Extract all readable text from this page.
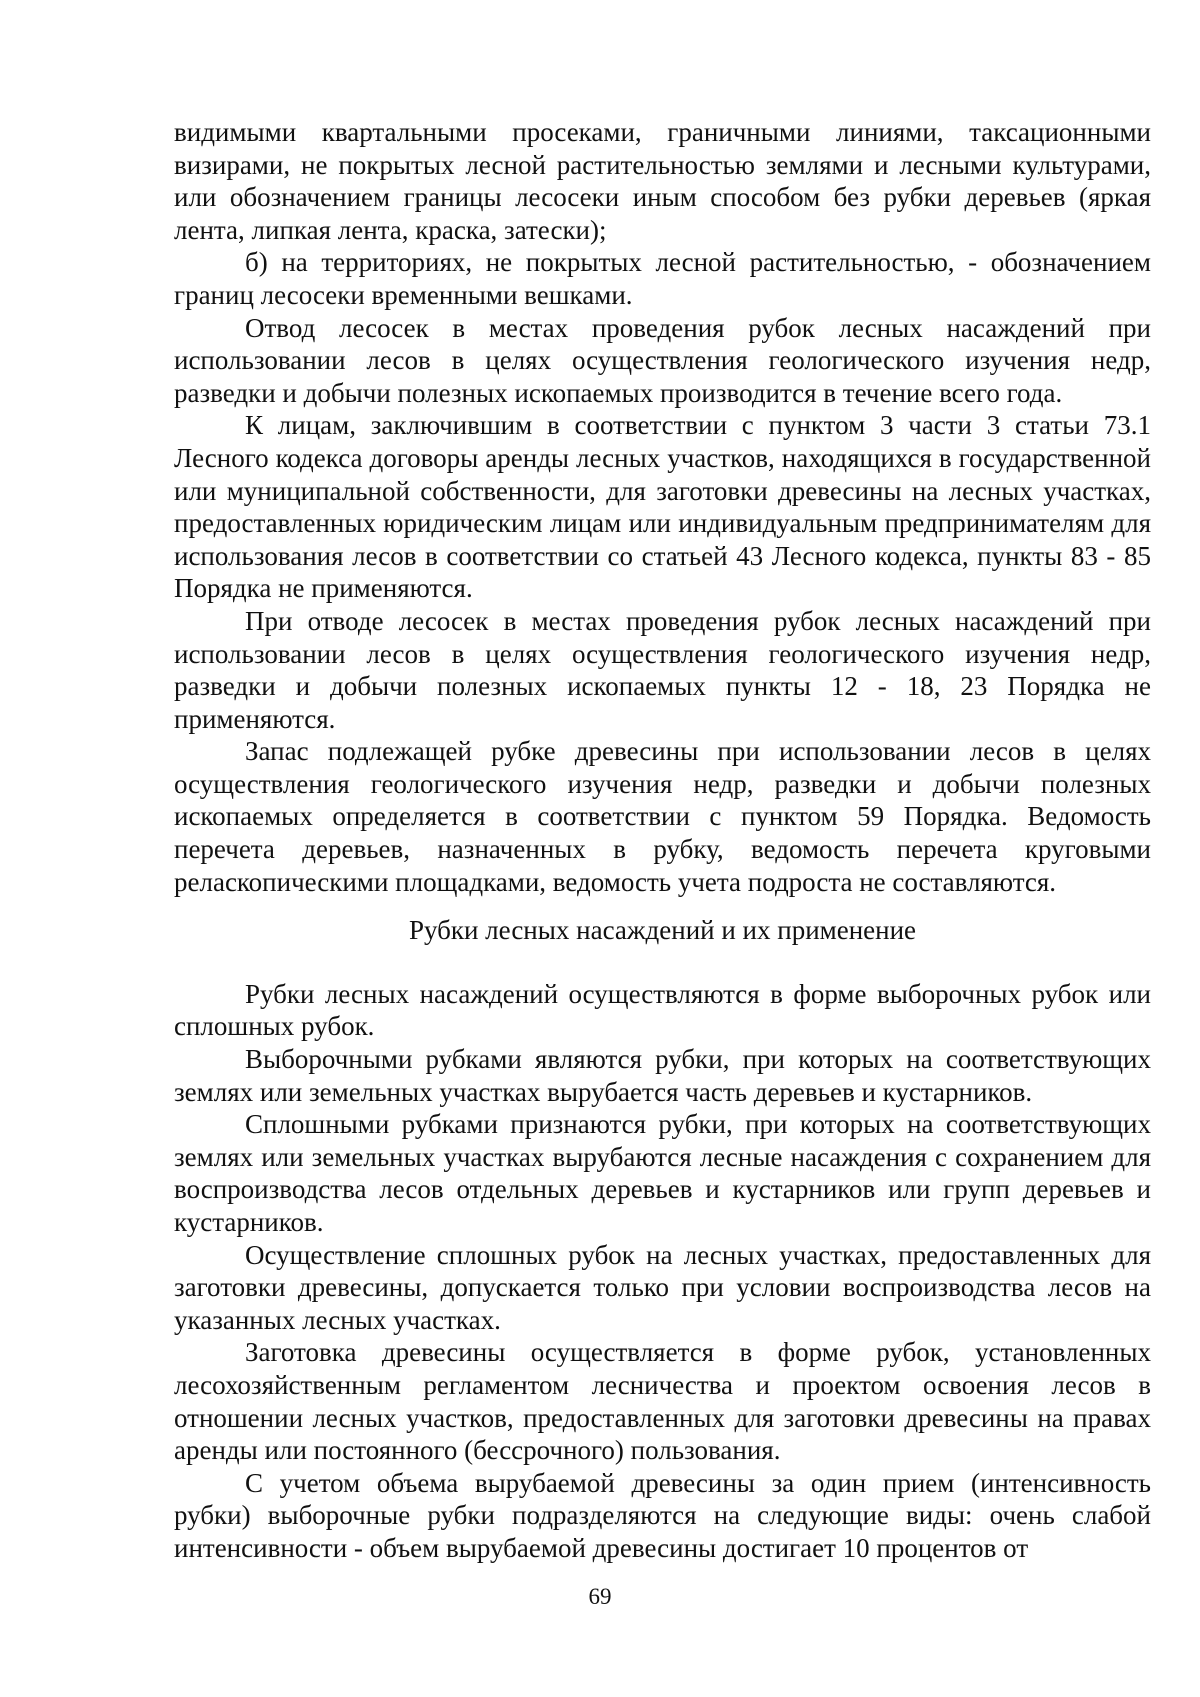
видимыми квартальными просеками, граничными линиями, таксационными визирами, не покрытых лесной растительностью землями и лесными культурами, или обозначением границы лесосеки иным способом без рубки деревьев (яркая лента, липкая лента, краска, затески);

б) на территориях, не покрытых лесной растительностью, - обозначением границ лесосеки временными вешками.

Отвод лесосек в местах проведения рубок лесных насаждений при использовании лесов в целях осуществления геологического изучения недр, разведки и добычи полезных ископаемых производится в течение всего года.

К лицам, заключившим в соответствии с пунктом 3 части 3 статьи 73.1 Лесного кодекса договоры аренды лесных участков, находящихся в государственной или муниципальной собственности, для заготовки древесины на лесных участках, предоставленных юридическим лицам или индивидуальным предпринимателям для использования лесов в соответствии со статьей 43 Лесного кодекса, пункты 83 - 85 Порядка не применяются.

При отводе лесосек в местах проведения рубок лесных насаждений при использовании лесов в целях осуществления геологического изучения недр, разведки и добычи полезных ископаемых пункты 12 - 18, 23 Порядка не применяются.

Запас подлежащей рубке древесины при использовании лесов в целях осуществления геологического изучения недр, разведки и добычи полезных ископаемых определяется в соответствии с пунктом 59 Порядка. Ведомость перечета деревьев, назначенных в рубку, ведомость перечета круговыми реласкопическими площадками, ведомость учета подроста не составляются.

Рубки лесных насаждений и их применение

Рубки лесных насаждений осуществляются в форме выборочных рубок или сплошных рубок.

Выборочными рубками являются рубки, при которых на соответствующих землях или земельных участках вырубается часть деревьев и кустарников.

Сплошными рубками признаются рубки, при которых на соответствующих землях или земельных участках вырубаются лесные насаждения с сохранением для воспроизводства лесов отдельных деревьев и кустарников или групп деревьев и кустарников.

Осуществление сплошных рубок на лесных участках, предоставленных для заготовки древесины, допускается только при условии воспроизводства лесов на указанных лесных участках.

Заготовка древесины осуществляется в форме рубок, установленных лесохозяйственным регламентом лесничества и проектом освоения лесов в отношении лесных участков, предоставленных для заготовки древесины на правах аренды или постоянного (бессрочного) пользования.

С учетом объема вырубаемой древесины за один прием (интенсивность рубки) выборочные рубки подразделяются на следующие виды: очень слабой интенсивности - объем вырубаемой древесины достигает 10 процентов от

69
